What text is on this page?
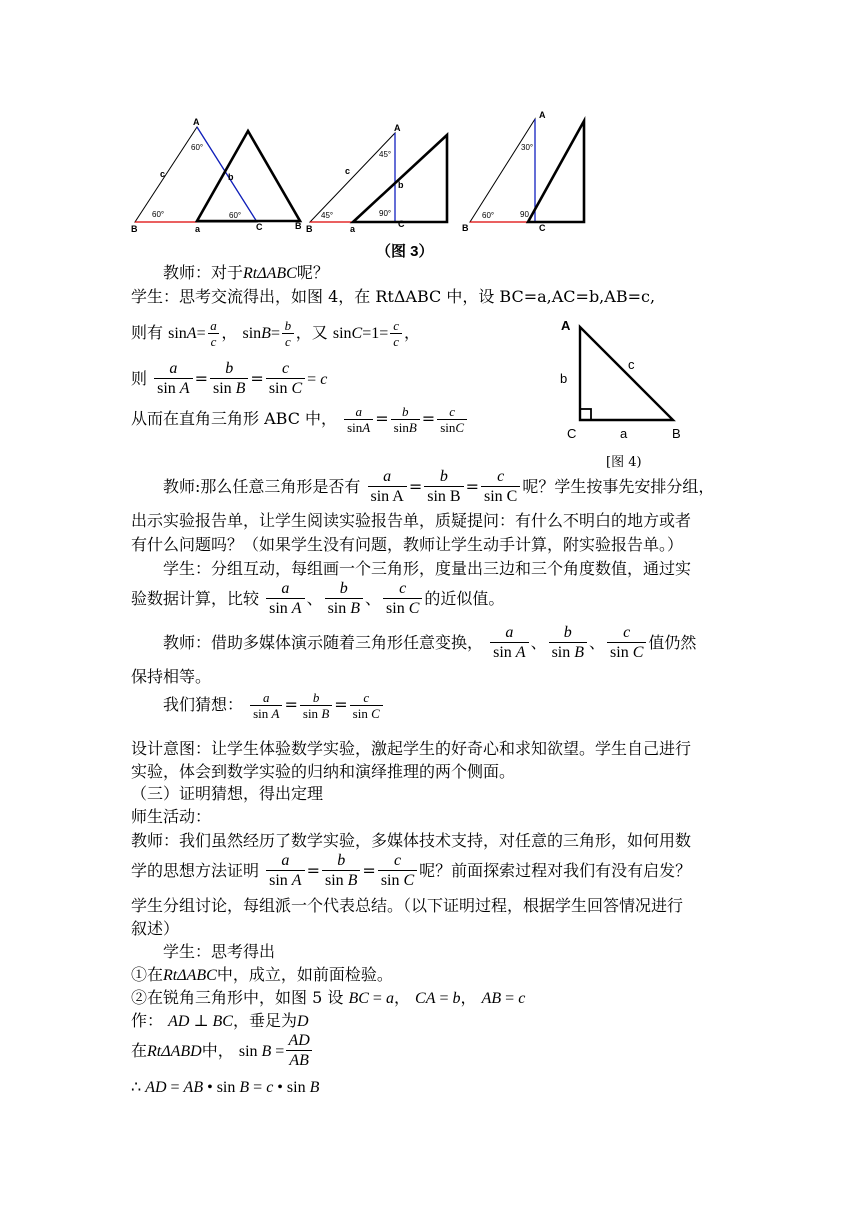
A
60°
c	b
60°	60°
B	a	C	B
A
45°
c
b
45°	90°
B	a	C
A
30°
60°	90
B	C
（图 3）
A
b
c
C	a	B
[图 4)
教师：对于RtΔABC呢？
学生：思考交流得出，如图 4，在 RtΔABC 中，设 BC=a,AC=b,AB=c,
则有 $\sin A= \frac{a}{c}$ ， $\sin B= \frac{b}{c}$ ，又 $\sin C=1= \frac{c}{c}$ ，
则 $\frac{a}{\text{sin A}} = \frac{b}{\text{sin B}} = \frac{c}{\text{sin C}} = c$
从而在直角三角形 ABC 中， $\frac{a}{\sin A} = \frac{b}{\sin B} = \frac{c}{\sin C}$
教师:那么任意三角形是否有 $\frac{a}{\text{sin A}} = \frac{b}{\text{sin B}} = \frac{c}{\text{sin C}}$ 呢？学生按事先安排分组，
出示实验报告单，让学生阅读实验报告单，质疑提问：有什么不明白的地方或者
有什么问题吗？（如果学生没有问题，教师让学生动手计算，附实验报告单。）
学生：分组互动，每组画一个三角形，度量出三边和三个角度数值，通过实
验数据计算，比较 $\frac{a}{\text{sin A}}$ 、 $\frac{b}{\text{sin B}}$ 、 $\frac{c}{\text{sin C}}$ 的近似值。
教师：借助多媒体演示随着三角形任意变换， $\frac{a}{\text{sin A}}$ 、 $\frac{b}{\text{sin B}}$ 、 $\frac{c}{\text{sin C}}$ 值仍然
保持相等。
我们猜想： $\frac{a}{\text{sin A}} = \frac{b}{\text{sin B}} = \frac{c}{\text{sin C}}$
设计意图：让学生体验数学实验，激起学生的好奇心和求知欲望。学生自己进行
实验，体会到数学实验的归纳和演绎推理的两个侧面。
（三）证明猜想，得出定理
师生活动：
教师：我们虽然经历了数学实验，多媒体技术支持，对任意的三角形，如何用数
学的思想方法证明 $\frac{a}{\text{sin A}} = \frac{b}{\text{sin B}} = \frac{c}{\text{sin C}}$ 呢？前面探索过程对我们有没有启发？
学生分组讨论，每组派一个代表总结。（以下证明过程，根据学生回答情况进行
叙述）
学生：思考得出
①在RtΔABC中，成立，如前面检验。
②在锐角三角形中，如图 5 设 BC = a， CA = b， AB = c
作： AD ⊥ BC，垂足为D
在RtΔABD中， $\sin B = \frac{AD}{AB}$
∴ AD = AB • sin B = c • sin B
